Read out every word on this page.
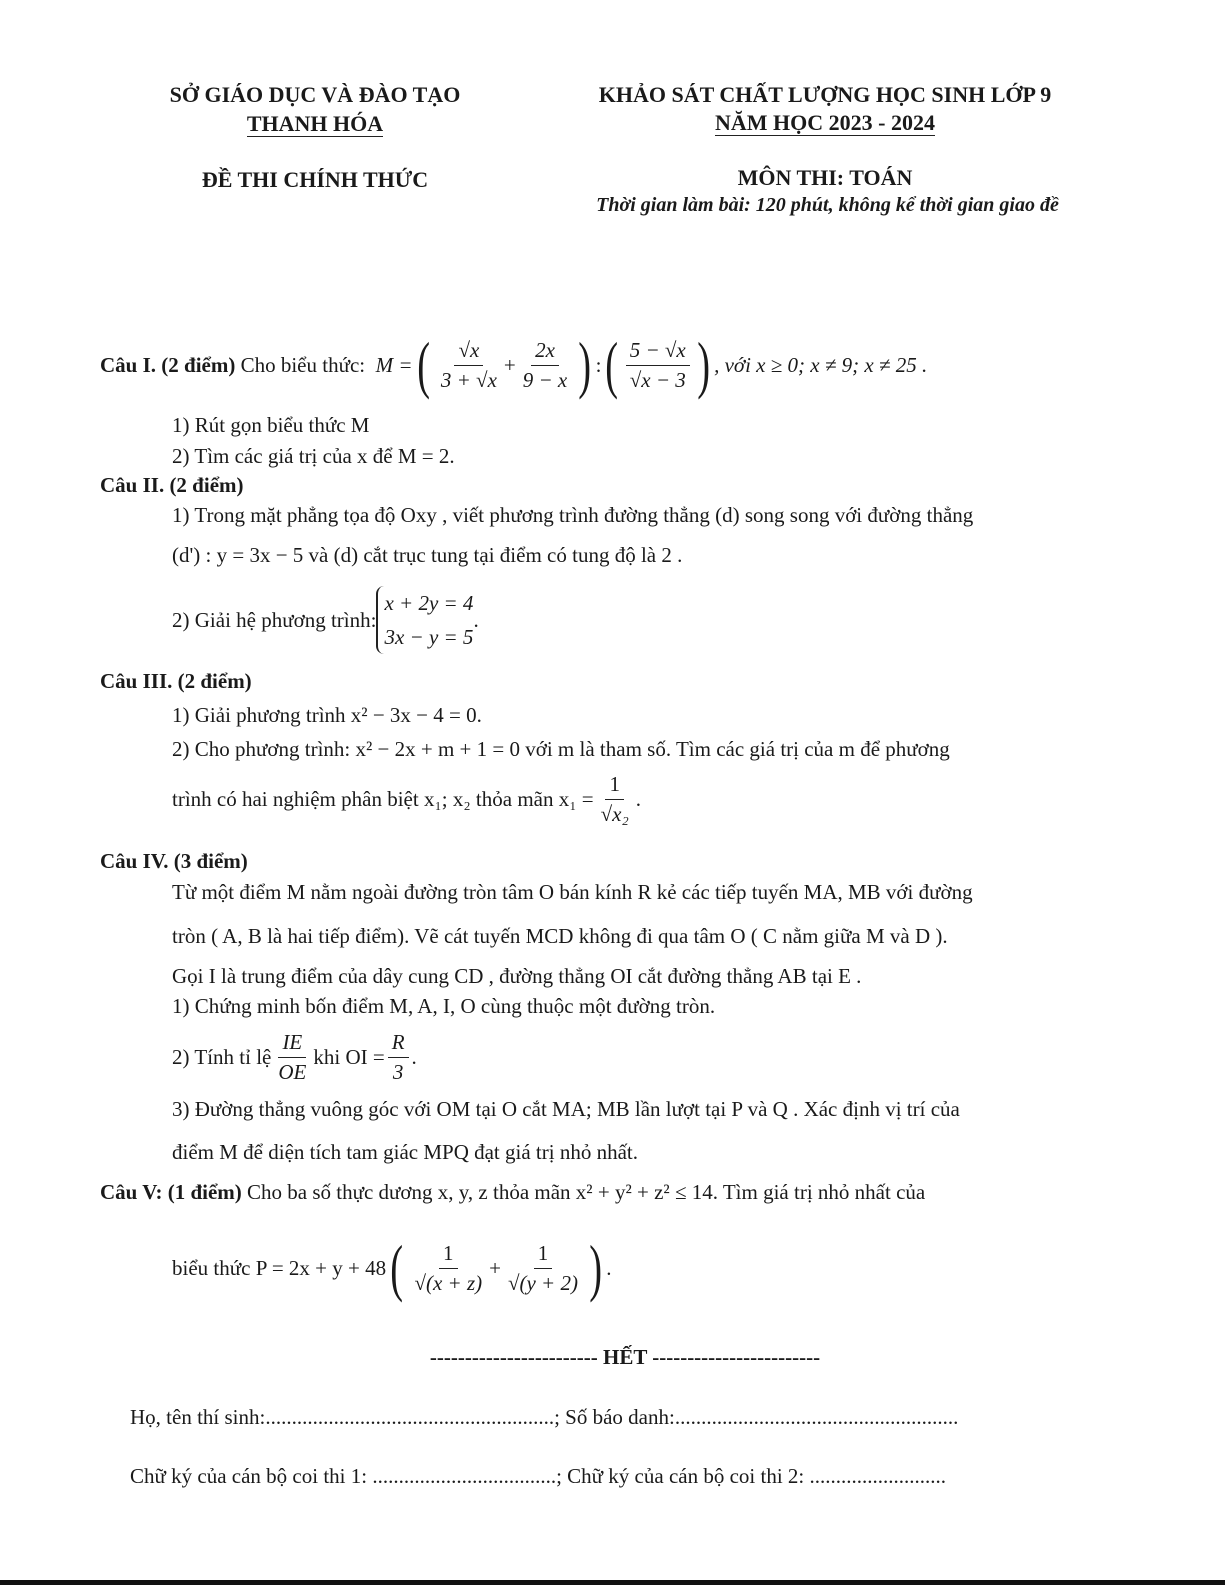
SỞ GIÁO DỤC VÀ ĐÀO TẠO
THANH HÓA
ĐỀ THI CHÍNH THỨC
KHẢO SÁT CHẤT LƯỢNG HỌC SINH LỚP 9
NĂM HỌC 2023 - 2024
MÔN THI: TOÁN
Thời gian làm bài: 120 phút, không kể thời gian giao đề
Câu I. (2 điểm)
Cho biểu thức:
M = ( $\frac{√x}{3 + √x} + \frac{2x}{9 - x}$
) : ( $\frac{5 - √x}{√x - 3}$
) , với x ≥ 0; x ≠ 9; x ≠ 25 .
1) Rút gọn biểu thức M
2) Tìm các giá trị của x để M = 2.
Câu II. (2 điểm)
1) Trong mặt phẳng tọa độ Oxy , viết phương trình đường thẳng (d) song song với đường thẳng
(d') : y = 3x − 5 và (d) cắt trục tung tại điểm có tung độ là 2 .
2) Giải hệ phương trình:
x + 2y = 4
3x − y = 5
.
Câu III. (2 điểm)
1) Giải phương trình x² − 3x − 4 = 0.
2) Cho phương trình: x² − 2x + m + 1 = 0 với m là tham số. Tìm các giá trị của m để phương
trình có hai nghiệm phân biệt x₁; x₂ thỏa mãn $x_1 = \frac{1}{\text{√x₂}}$ .
Câu IV. (3 điểm)
Từ một điểm M nằm ngoài đường tròn tâm O bán kính R kẻ các tiếp tuyến MA, MB với đường
tròn ( A, B là hai tiếp điểm). Vẽ cát tuyến MCD không đi qua tâm O ( C nằm giữa M và D ).
Gọi I là trung điểm của dây cung CD , đường thẳng OI cắt đường thẳng AB tại E .
1) Chứng minh bốn điểm M, A, I, O cùng thuộc một đường tròn.
2) Tính tỉ lệ $\frac{IE}{OE}$ khi OI = $\frac{R}{3}$ .
3) Đường thẳng vuông góc với OM tại O cắt MA; MB lần lượt tại P và Q . Xác định vị trí của
điểm M để diện tích tam giác MPQ đạt giá trị nhỏ nhất.
Câu V: (1 điểm) Cho ba số thực dương x, y, z thỏa mãn x² + y² + z² ≤ 14. Tìm giá trị nhỏ nhất của
biểu thức P = 2x + y + 48 ( $\frac{1}{√(x + z)} + \frac{1}{√(y + 2)}$
) .
------------------------ HẾT ------------------------
Họ, tên thí sinh:.......................................................; Số báo danh:......................................................
Chữ ký của cán bộ coi thi 1: ...................................; Chữ ký của cán bộ coi thi 2: ..........................
